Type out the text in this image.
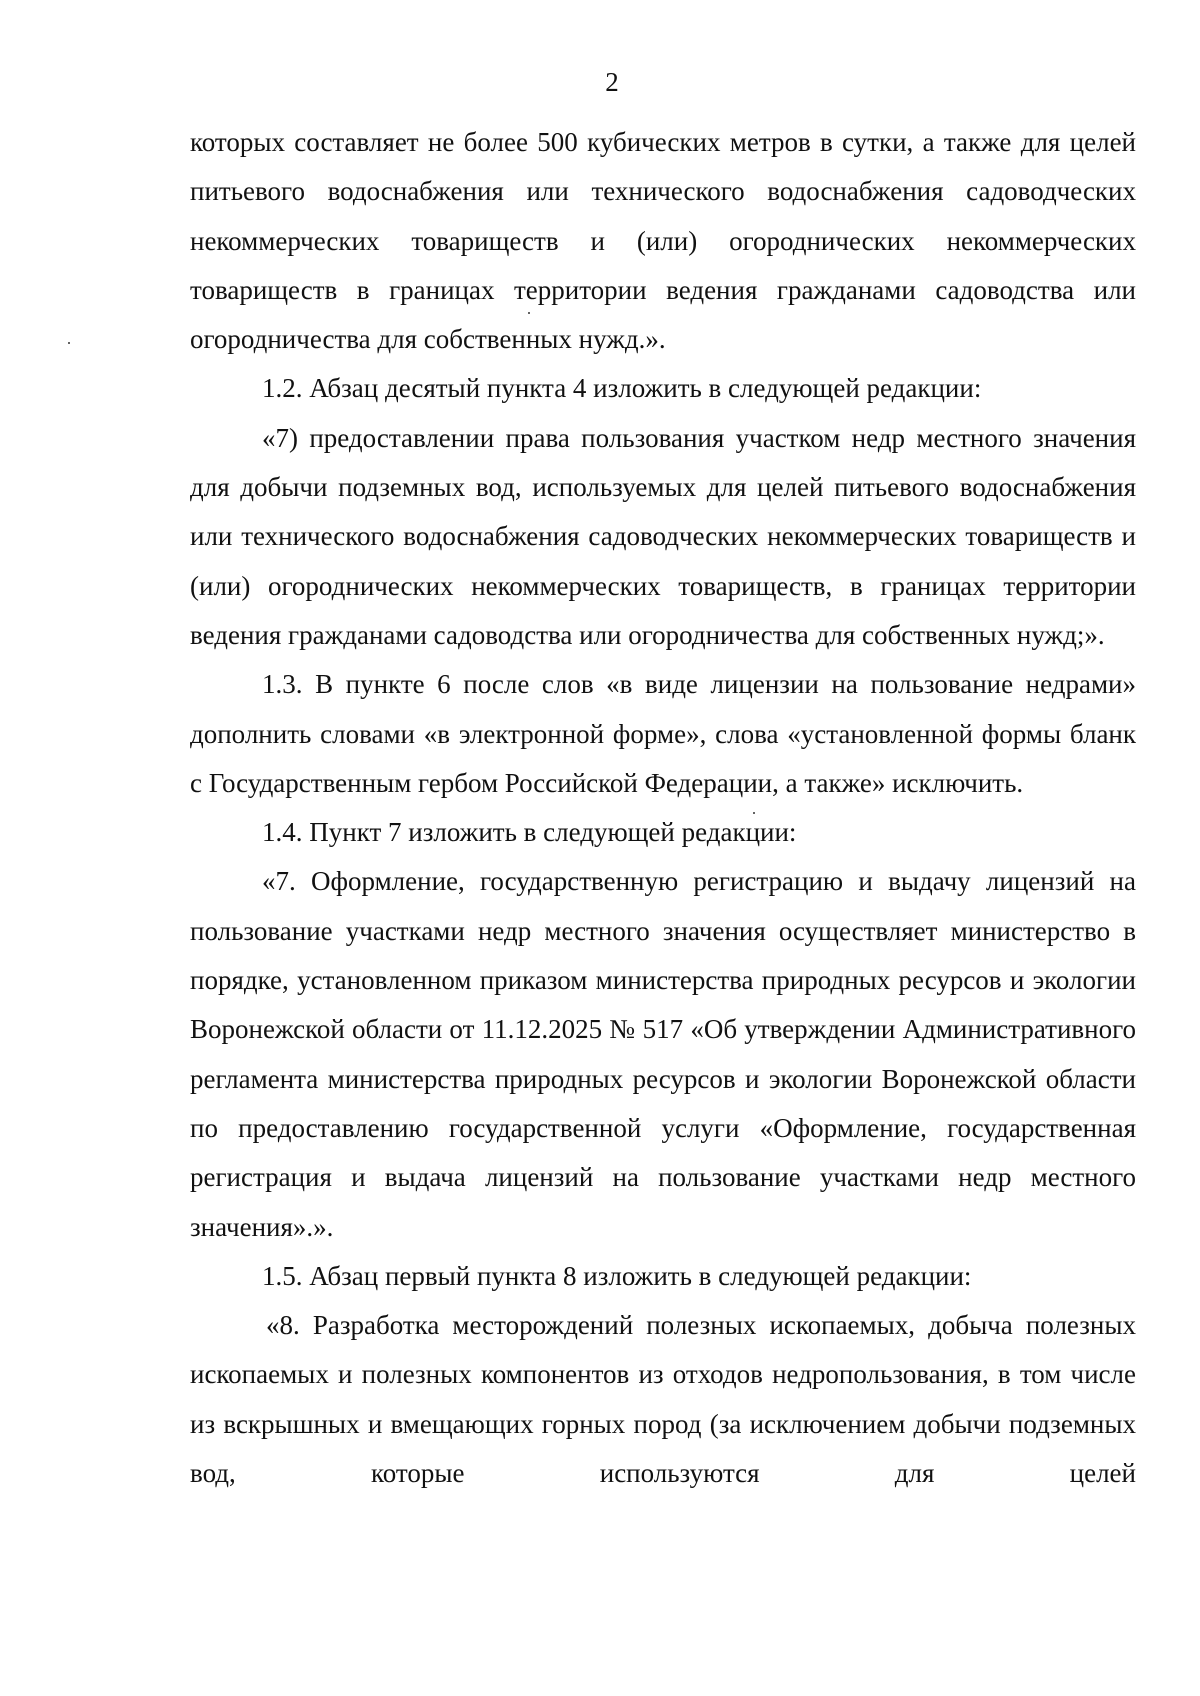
2

которых составляет не более 500 кубических метров в сутки, а также для целей питьевого водоснабжения или технического водоснабжения садоводческих некоммерческих товариществ и (или) огороднических некоммерческих товариществ в границах территории ведения гражданами садоводства или огородничества для собственных нужд.».

1.2. Абзац десятый пункта 4 изложить в следующей редакции:

«7) предоставлении права пользования участком недр местного значения для добычи подземных вод, используемых для целей питьевого водоснабжения или технического водоснабжения садоводческих некоммерческих товариществ и (или) огороднических некоммерческих товариществ, в границах территории ведения гражданами садоводства или огородничества для собственных нужд;».

1.3. В пункте 6 после слов «в виде лицензии на пользование недрами» дополнить словами «в электронной форме», слова «установленной формы бланк с Государственным гербом Российской Федерации, а также» исключить.

1.4. Пункт 7 изложить в следующей редакции:

«7. Оформление, государственную регистрацию и выдачу лицензий на пользование участками недр местного значения осуществляет министерство в порядке, установленном приказом министерства природных ресурсов и экологии Воронежской области от 11.12.2025 № 517 «Об утверждении Административного регламента министерства природных ресурсов и экологии Воронежской области по предоставлению государственной услуги «Оформление, государственная регистрация и выдача лицензий на пользование участками недр местного значения».».

1.5. Абзац первый пункта 8 изложить в следующей редакции:

«8. Разработка месторождений полезных ископаемых, добыча полезных ископаемых и полезных компонентов из отходов недропользования, в том числе из вскрышных и вмещающих горных пород (за исключением добычи подземных вод, которые используются для целей
